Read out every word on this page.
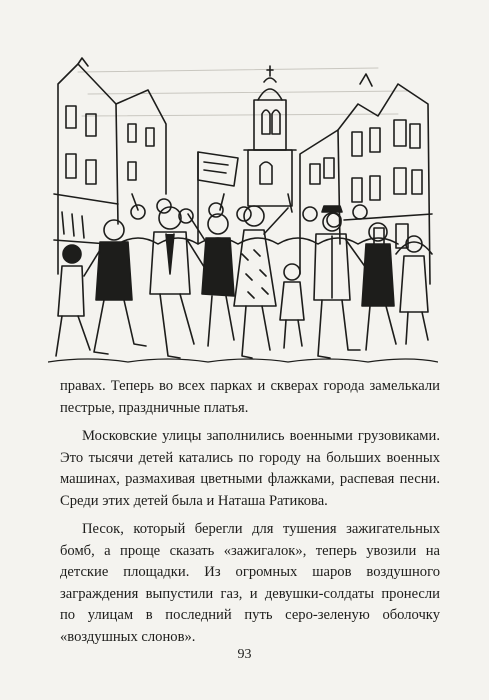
правах. Теперь во всех парках и скверах города замелькали пестрые, праздничные платья.

Московские улицы заполнились военными грузовиками. Это тысячи детей катались по городу на больших военных машинах, размахивая цветными флажками, распевая песни. Среди этих детей была и Наташа Ратикова.

Песок, который берегли для тушения зажигательных бомб, а проще сказать «зажигалок», теперь увозили на детские площадки. Из огромных шаров воздушного заграждения выпустили газ, и девушки-солдаты пронесли по улицам в последний путь серо-зеленую оболочку «воздушных слонов».

93
